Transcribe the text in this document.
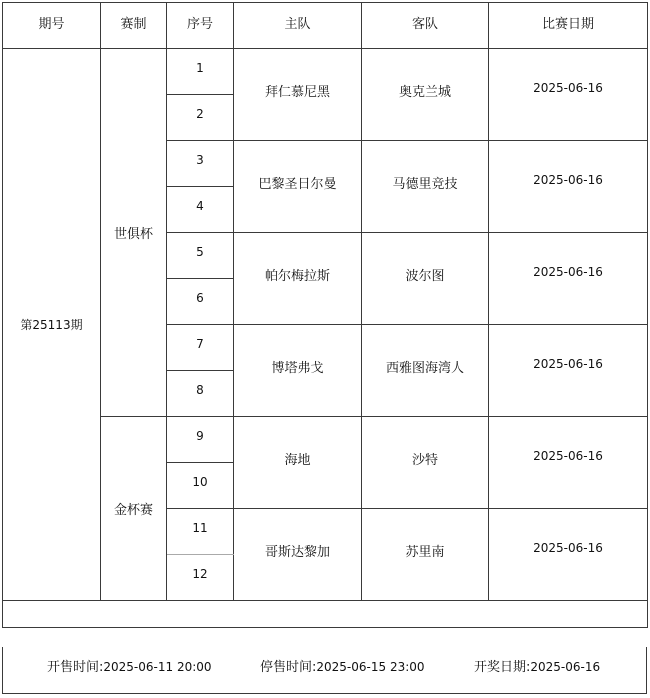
期号	赛制	序号	主队	客队	比赛日期
第25113期	世俱杯	1	拜仁慕尼黑	奥克兰城	2025-06-16
		2			
		3	巴黎圣日尔曼	马德里竞技	2025-06-16
		4			
		5	帕尔梅拉斯	波尔图	2025-06-16
		6			
		7	博塔弗戈	西雅图海湾人	2025-06-16
		8			
	金杯赛	9	海地	沙特	2025-06-16
		10			
		11	哥斯达黎加	苏里南	2025-06-16
		12			

开售时间:2025-06-11 20:00	停售时间:2025-06-15 23:00	开奖日期:2025-06-16
